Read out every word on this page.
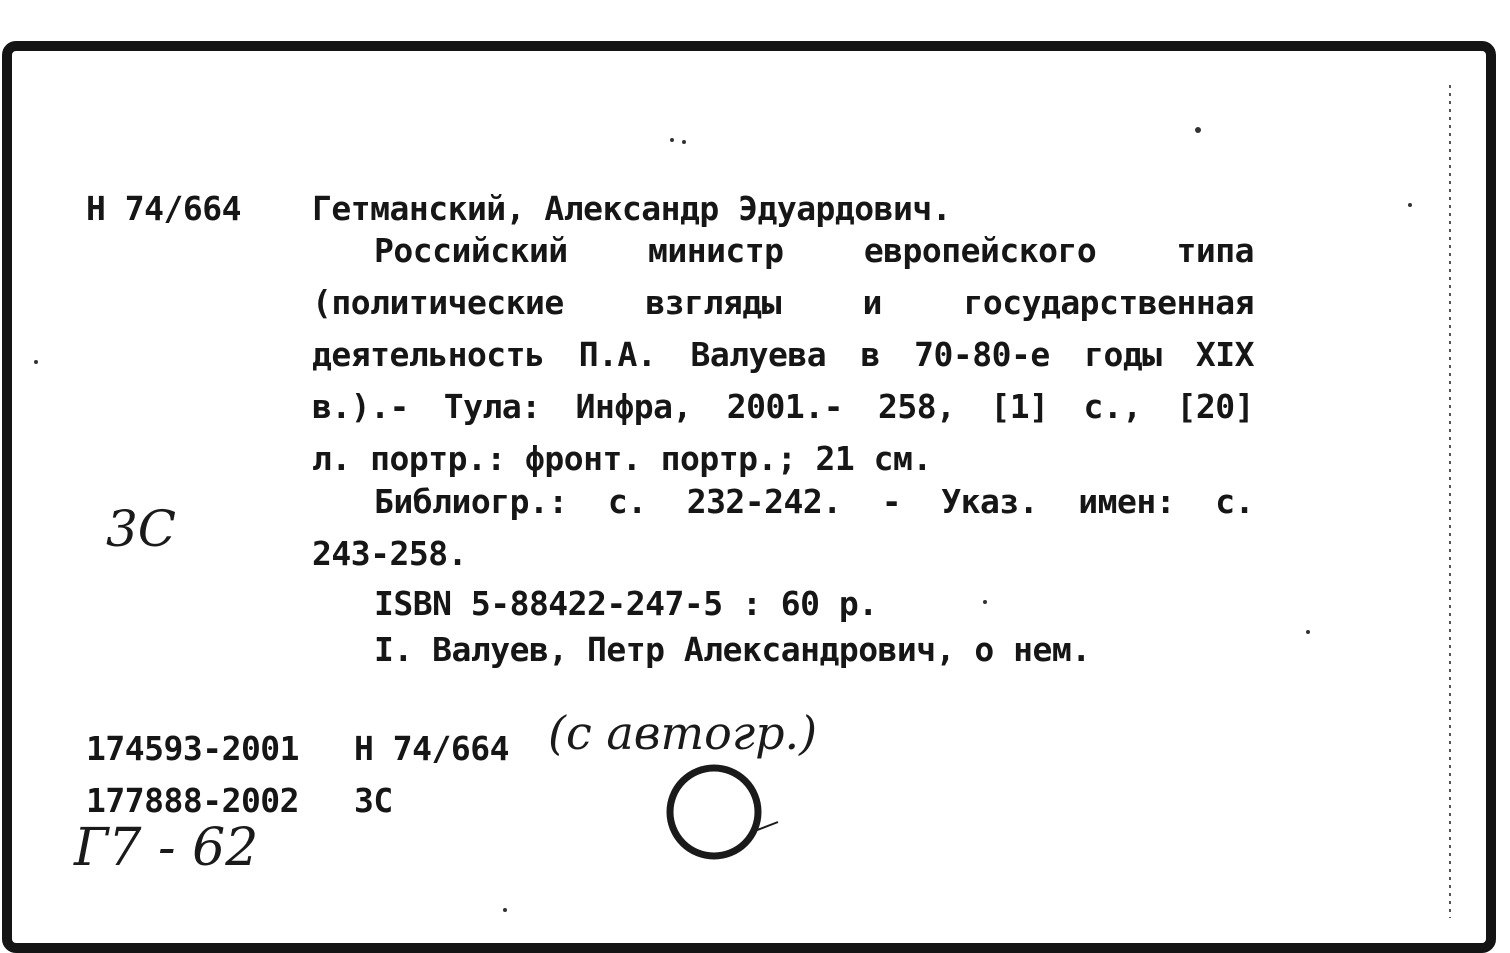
Н 74/664 Гетманский, Александр Эдуардович.
Российский министр европейского типа
(политические взгляды и государственная
деятельность П.А. Валуева в 70-80-е годы XIX
в.).- Тула: Инфра, 2001.- 258, [1] с., [20]
л. портр.: фронт. портр.; 21 см.
Библиогр.: с. 232-242. - Указ. имен: с.
243-258.
ISBN 5-88422-247-5 : 60 р.
I. Валуев, Петр Александрович, о нем.
174593-2001 Н 74/664
177888-2002 ЗС
3С
(с автогр.)
Г7 - 62
